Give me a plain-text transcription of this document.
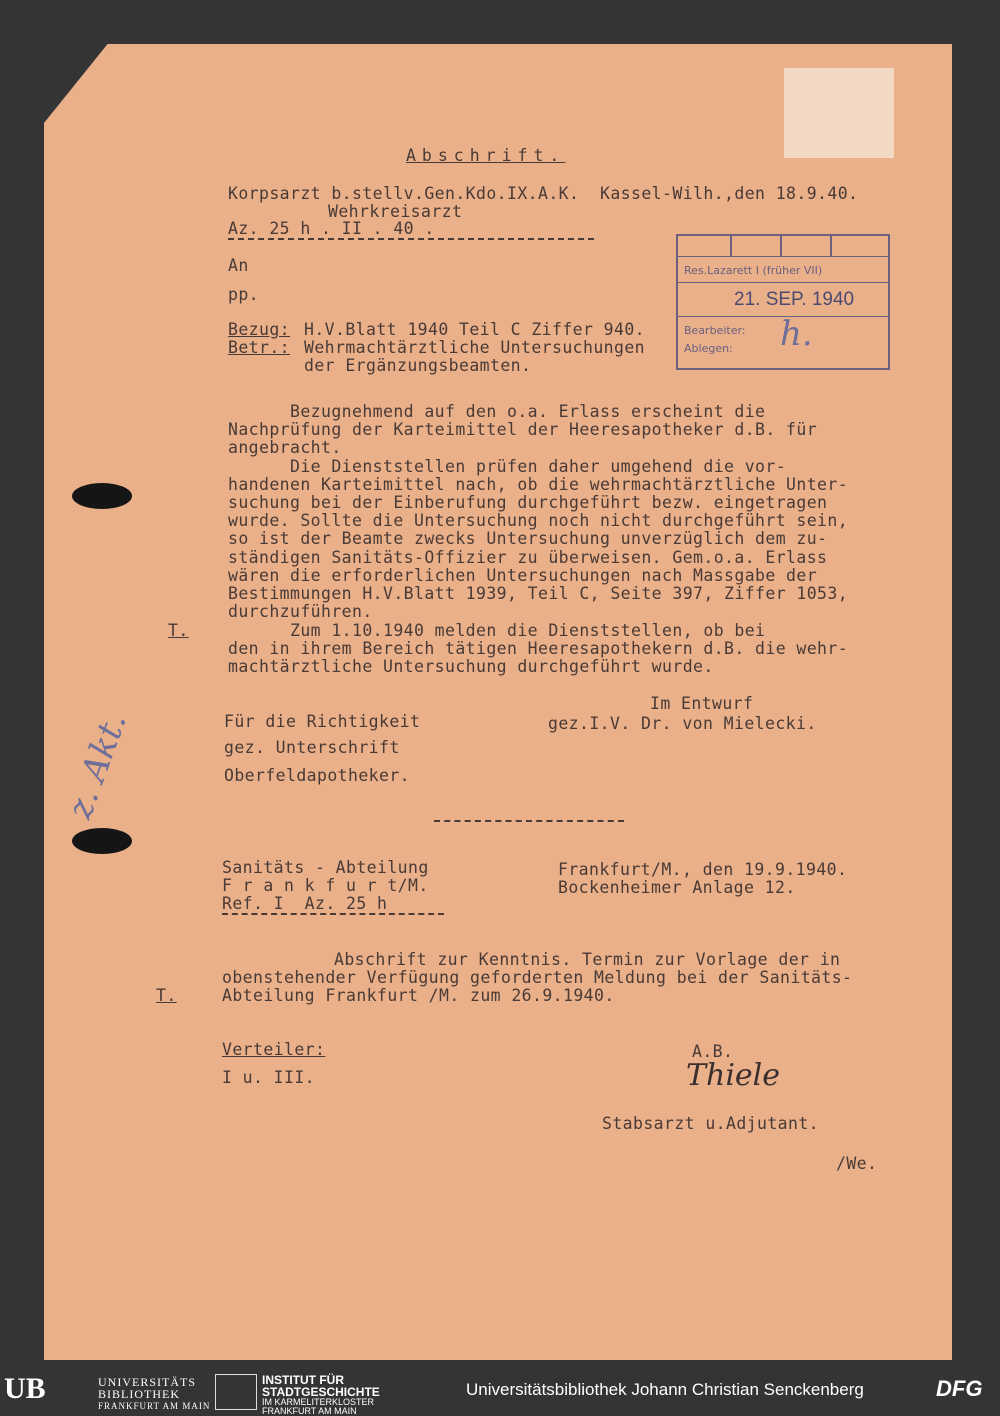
Abschrift.
Korpsarzt b.stellv.Gen.Kdo.IX.A.K.  Kassel-Wilh.,den 18.9.40.
Wehrkreisarzt
Az. 25 h . II . 40 .
An
pp.
Bezug: H.V.Blatt 1940 Teil C Ziffer 940.
Betr.: Wehrmachtärztliche Untersuchungen
der Ergänzungsbeamten.
Res.Lazarett I (früher VII)
21. SEP. 1940
Bearbeiter:
Ablegen: h.
Bezugnehmend auf den o.a. Erlass erscheint die
Nachprüfung der Karteimittel der Heeresapotheker d.B. für
angebracht.
Die Dienststellen prüfen daher umgehend die vor-
handenen Karteimittel nach, ob die wehrmachtärztliche Unter-
suchung bei der Einberufung durchgeführt bezw. eingetragen
wurde. Sollte die Untersuchung noch nicht durchgeführt sein,
so ist der Beamte zwecks Untersuchung unverzüglich dem zu-
ständigen Sanitäts-Offizier zu überweisen. Gem.o.a. Erlass
wären die erforderlichen Untersuchungen nach Massgabe der
Bestimmungen H.V.Blatt 1939, Teil C, Seite 397, Ziffer 1053,
durchzuführen.
Zum 1.10.1940 melden die Dienststellen, ob bei
den in ihrem Bereich tätigen Heeresapothekern d.B. die wehr-
machtärztliche Untersuchung durchgeführt wurde.
T.
Im Entwurf
Für die Richtigkeit	gez.I.V. Dr. von Mielecki.
gez. Unterschrift
Oberfeldapotheker.
z. Akt.
Sanitäts - Abteilung
F r a n k f u r t/M.
Ref. I  Az. 25 h
Frankfurt/M., den 19.9.1940.
Bockenheimer Anlage 12.
Abschrift zur Kenntnis. Termin zur Vorlage der in
obenstehender Verfügung geforderten Meldung bei der Sanitäts-
Abteilung Frankfurt /M. zum 26.9.1940.
T.
Verteiler:
I u. III.
A.B.
Thiele
Stabsarzt u.Adjutant.
/We.
UB	UNIVERSITÄTS
BIBLIOTHEK
FRANKFURT AM MAIN
INSTITUT FÜR
STADTGESCHICHTE
IM KARMELITERKLOSTER
FRANKFURT AM MAIN
Universitätsbibliothek Johann Christian Senckenberg	DFG
